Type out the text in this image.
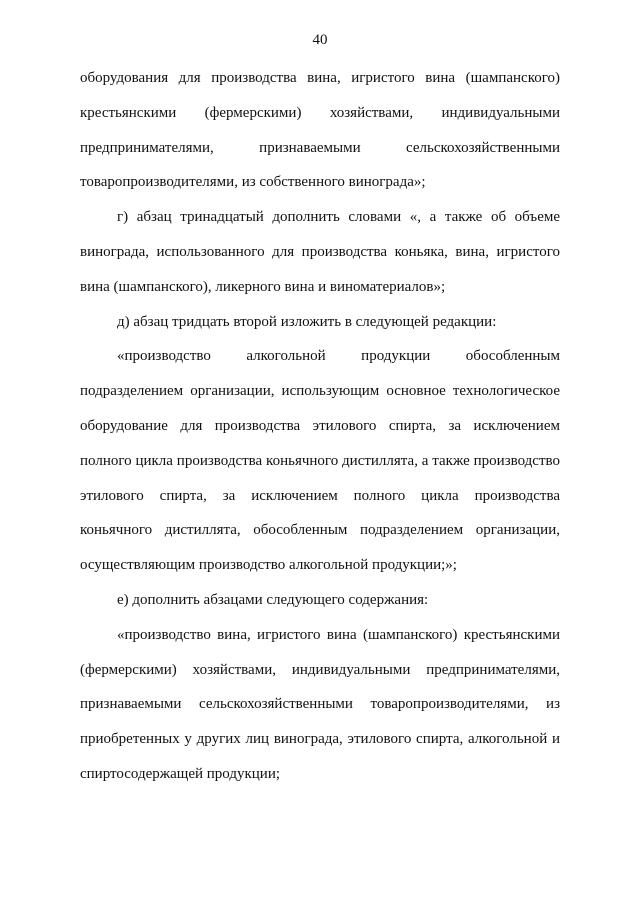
40
оборудования для производства вина, игристого вина (шампанского)
крестьянскими (фермерскими) хозяйствами, индивидуальными
предпринимателями, признаваемыми сельскохозяйственными
товаропроизводителями, из собственного винограда»;
г) абзац тринадцатый дополнить словами «, а также об объеме
винограда, использованного для производства коньяка, вина, игристого
вина (шампанского), ликерного вина и виноматериалов»;
д) абзац тридцать второй изложить в следующей редакции:
«производство алкогольной продукции обособленным
подразделением организации, использующим основное технологическое
оборудование для производства этилового спирта, за исключением
полного цикла производства коньячного дистиллята, а также производство
этилового спирта, за исключением полного цикла производства
коньячного дистиллята, обособленным подразделением организации,
осуществляющим производство алкогольной продукции;»;
е) дополнить абзацами следующего содержания:
«производство вина, игристого вина (шампанского) крестьянскими
(фермерскими) хозяйствами, индивидуальными предпринимателями,
признаваемыми сельскохозяйственными товаропроизводителями, из
приобретенных у других лиц винограда, этилового спирта, алкогольной и
спиртосодержащей продукции;
